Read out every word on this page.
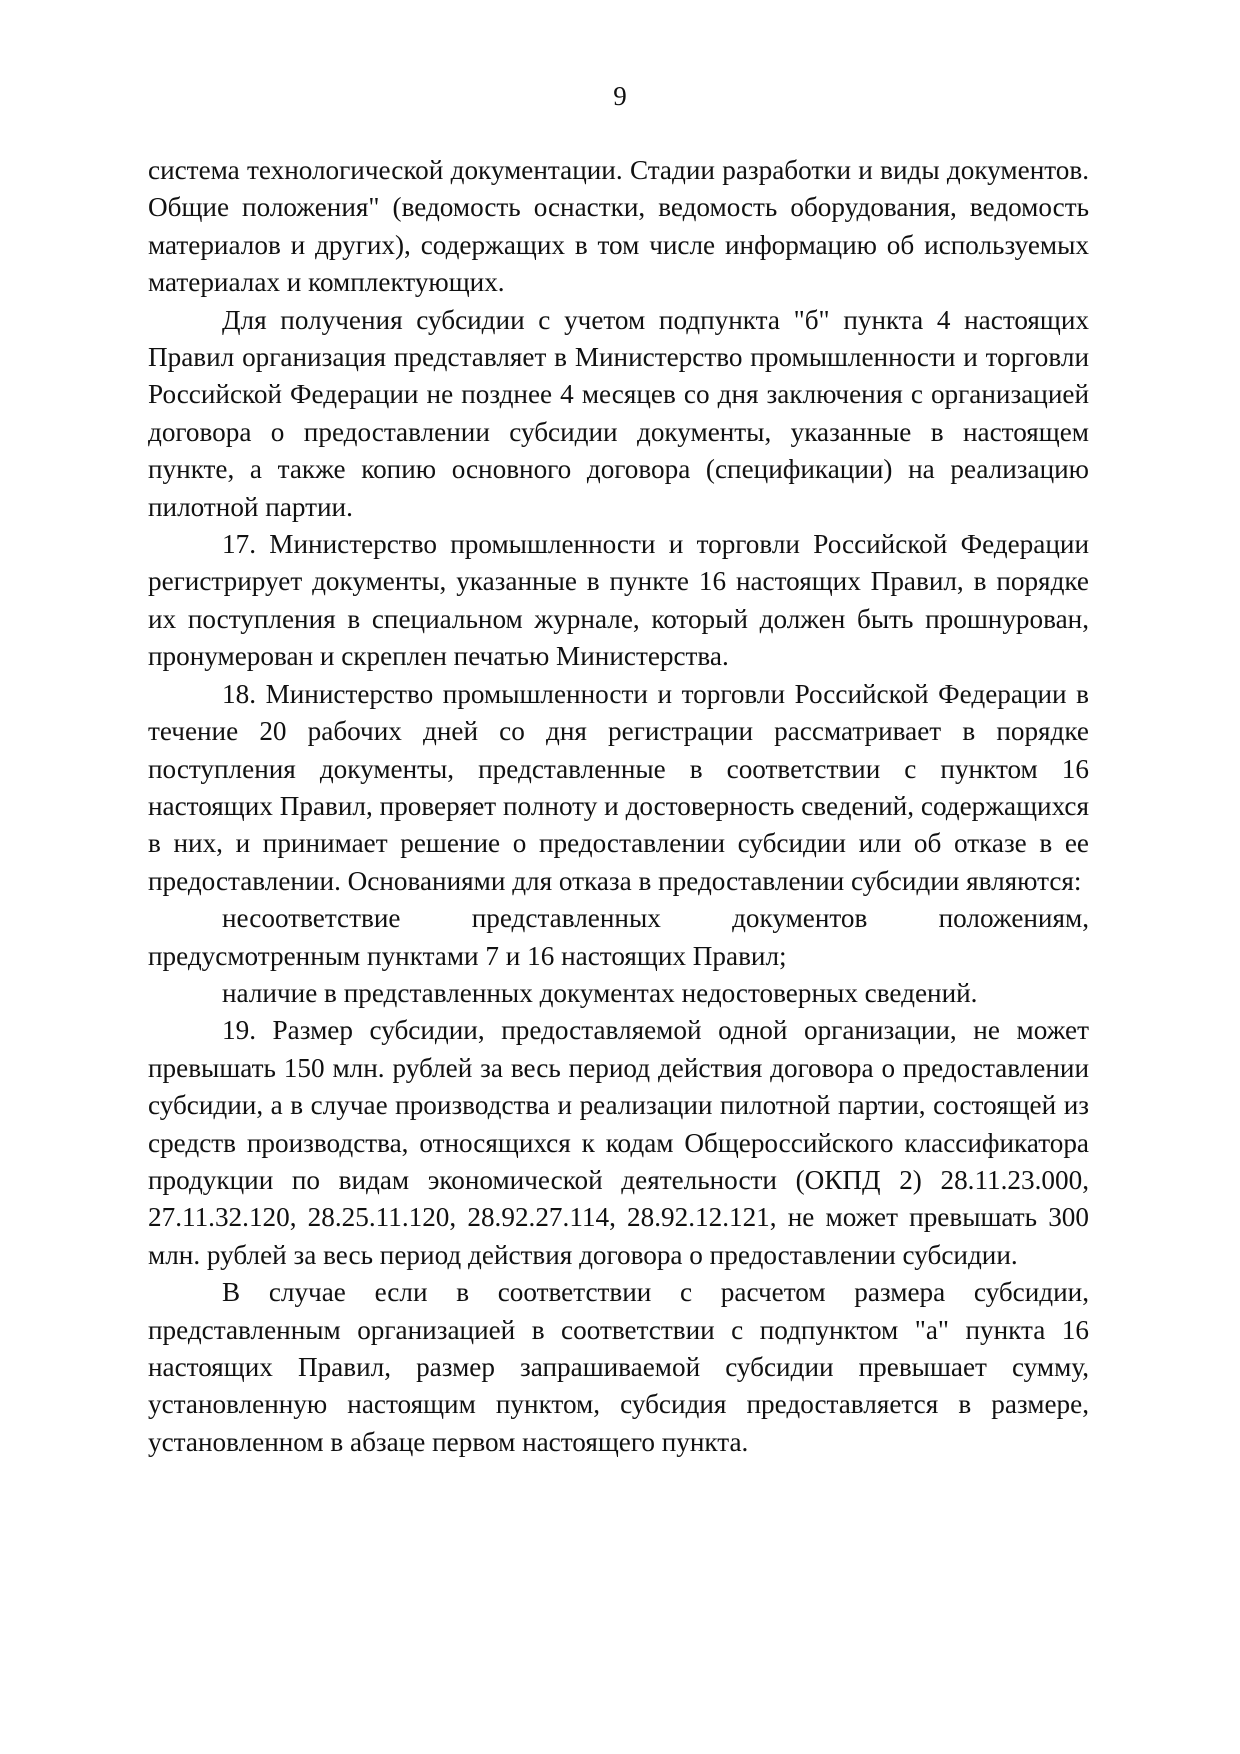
9

система технологической документации. Стадии разработки и виды документов. Общие положения" (ведомость оснастки, ведомость оборудования, ведомость материалов и других), содержащих в том числе информацию об используемых материалах и комплектующих.

Для получения субсидии с учетом подпункта "б" пункта 4 настоящих Правил организация представляет в Министерство промышленности и торговли Российской Федерации не позднее 4 месяцев со дня заключения с организацией договора о предоставлении субсидии документы, указанные в настоящем пункте, а также копию основного договора (спецификации) на реализацию пилотной партии.

17. Министерство промышленности и торговли Российской Федерации регистрирует документы, указанные в пункте 16 настоящих Правил, в порядке их поступления в специальном журнале, который должен быть прошнурован, пронумерован и скреплен печатью Министерства.

18. Министерство промышленности и торговли Российской Федерации в течение 20 рабочих дней со дня регистрации рассматривает в порядке поступления документы, представленные в соответствии с пунктом 16 настоящих Правил, проверяет полноту и достоверность сведений, содержащихся в них, и принимает решение о предоставлении субсидии или об отказе в ее предоставлении. Основаниями для отказа в предоставлении субсидии являются:

несоответствие представленных документов положениям, предусмотренным пунктами 7 и 16 настоящих Правил;

наличие в представленных документах недостоверных сведений.

19. Размер субсидии, предоставляемой одной организации, не может превышать 150 млн. рублей за весь период действия договора о предоставлении субсидии, а в случае производства и реализации пилотной партии, состоящей из средств производства, относящихся к кодам Общероссийского классификатора продукции по видам экономической деятельности (ОКПД 2) 28.11.23.000, 27.11.32.120, 28.25.11.120, 28.92.27.114, 28.92.12.121, не может превышать 300 млн. рублей за весь период действия договора о предоставлении субсидии.

В случае если в соответствии с расчетом размера субсидии, представленным организацией в соответствии с подпунктом "а" пункта 16 настоящих Правил, размер запрашиваемой субсидии превышает сумму, установленную настоящим пунктом, субсидия предоставляется в размере, установленном в абзаце первом настоящего пункта.
